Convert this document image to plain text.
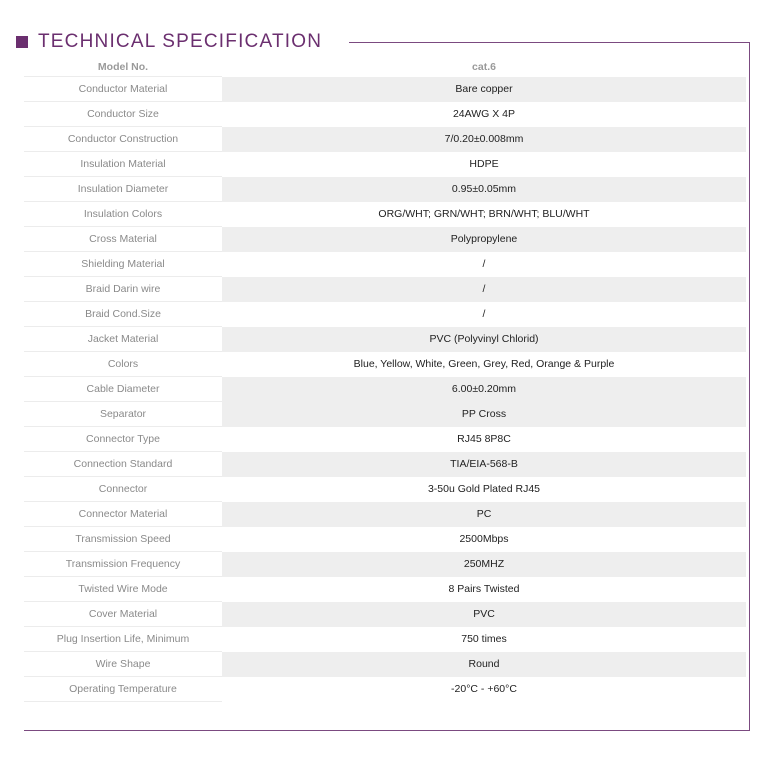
TECHNICAL SPECIFICATION
Model No.	cat.6
Conductor Material	Bare copper
Conductor Size	24AWG X 4P
Conductor Construction	7/0.20±0.008mm
Insulation Material	HDPE
Insulation Diameter	0.95±0.05mm
Insulation Colors	ORG/WHT; GRN/WHT; BRN/WHT; BLU/WHT
Cross Material	Polypropylene
Shielding Material	/
Braid Darin wire	/
Braid Cond.Size	/
Jacket Material	PVC (Polyvinyl Chlorid)
Colors	Blue, Yellow, White, Green, Grey, Red, Orange & Purple
Cable Diameter	6.00±0.20mm
Separator	PP Cross
Connector Type	RJ45 8P8C
Connection Standard	TIA/EIA-568-B
Connector	3-50u Gold Plated RJ45
Connector Material	PC
Transmission Speed	2500Mbps
Transmission Frequency	250MHZ
Twisted Wire Mode	8 Pairs Twisted
Cover Material	PVC
Plug Insertion Life, Minimum	750 times
Wire Shape	Round
Operating Temperature	-20°C - +60°C
